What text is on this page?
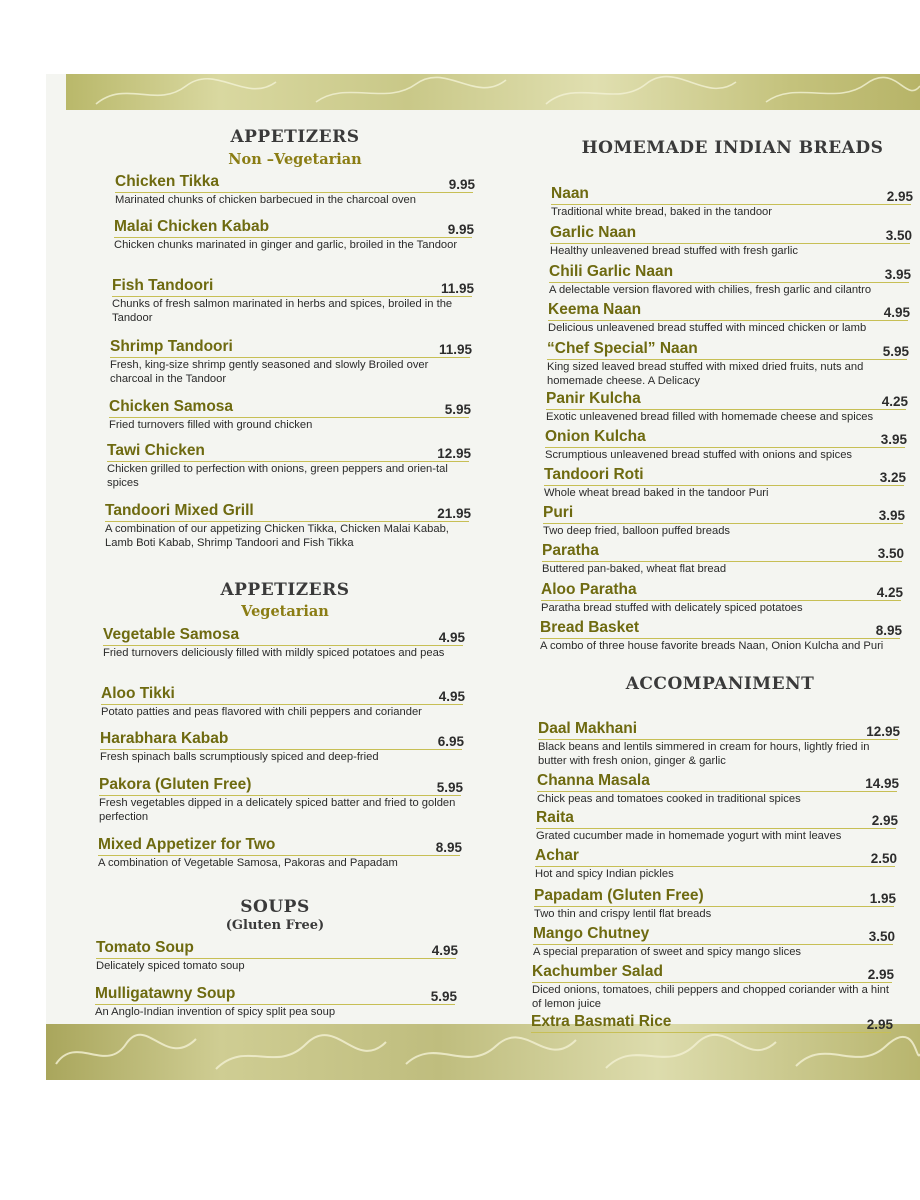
APPETIZERS
Non –Vegetarian
Chicken Tikka	9.95
Marinated chunks of chicken barbecued in the charcoal oven
Malai Chicken Kabab	9.95
Chicken chunks marinated in ginger and garlic, broiled in the Tandoor
Fish Tandoori	11.95
Chunks of fresh salmon marinated in herbs and spices, broiled in the Tandoor
Shrimp Tandoori	11.95
Fresh, king-size shrimp gently seasoned and slowly Broiled over charcoal in the Tandoor
Chicken Samosa	5.95
Fried turnovers filled with ground chicken
Tawi Chicken	12.95
Chicken grilled to perfection with onions, green peppers and orien-tal spices
Tandoori Mixed Grill	21.95
A combination of our appetizing Chicken Tikka, Chicken Malai Kabab, Lamb Boti Kabab, Shrimp Tandoori and Fish Tikka
APPETIZERS
Vegetarian
Vegetable Samosa	4.95
Fried turnovers deliciously filled with mildly spiced potatoes and peas
Aloo Tikki	4.95
Potato patties and peas flavored with chili peppers and coriander
Harabhara Kabab	6.95
Fresh spinach balls scrumptiously spiced and deep-fried
Pakora (Gluten Free)	5.95
Fresh vegetables dipped in a delicately spiced batter and fried to golden perfection
Mixed Appetizer for Two	8.95
A combination of Vegetable Samosa, Pakoras and Papadam
SOUPS
(Gluten Free)
Tomato Soup	4.95
Delicately spiced tomato soup
Mulligatawny Soup	5.95
An Anglo-Indian invention of spicy split pea soup
HOMEMADE INDIAN BREADS
Naan	2.95
Traditional white bread, baked in the tandoor
Garlic Naan	3.50
Healthy unleavened bread stuffed with fresh garlic
Chili Garlic Naan	3.95
A delectable version flavored with chilies, fresh garlic and cilantro
Keema Naan	4.95
Delicious unleavened bread stuffed with minced chicken or lamb
“Chef Special” Naan	5.95
King sized leaved bread stuffed with mixed dried fruits, nuts and homemade cheese. A Delicacy
Panir Kulcha	4.25
Exotic unleavened bread filled with homemade cheese and spices
Onion Kulcha	3.95
Scrumptious unleavened bread stuffed with onions and spices
Tandoori Roti	3.25
Whole wheat bread baked in the tandoor Puri
Puri	3.95
Two deep fried, balloon puffed breads
Paratha	3.50
Buttered pan-baked, wheat flat bread
Aloo Paratha	4.25
Paratha bread stuffed with delicately spiced potatoes
Bread Basket	8.95
A combo of three house favorite breads Naan, Onion Kulcha and Puri
ACCOMPANIMENT
Daal Makhani	12.95
Black beans and lentils simmered in cream for hours, lightly fried in butter with fresh onion, ginger & garlic
Channa Masala	14.95
Chick peas and tomatoes cooked in traditional spices
Raita	2.95
Grated cucumber made in homemade yogurt with mint leaves
Achar	2.50
Hot and spicy Indian pickles
Papadam (Gluten Free)	1.95
Two thin and crispy lentil flat breads
Mango Chutney	3.50
A special preparation of sweet and spicy mango slices
Kachumber Salad	2.95
Diced onions, tomatoes, chili peppers and chopped coriander with a hint of lemon juice
Extra Basmati Rice	2.95
